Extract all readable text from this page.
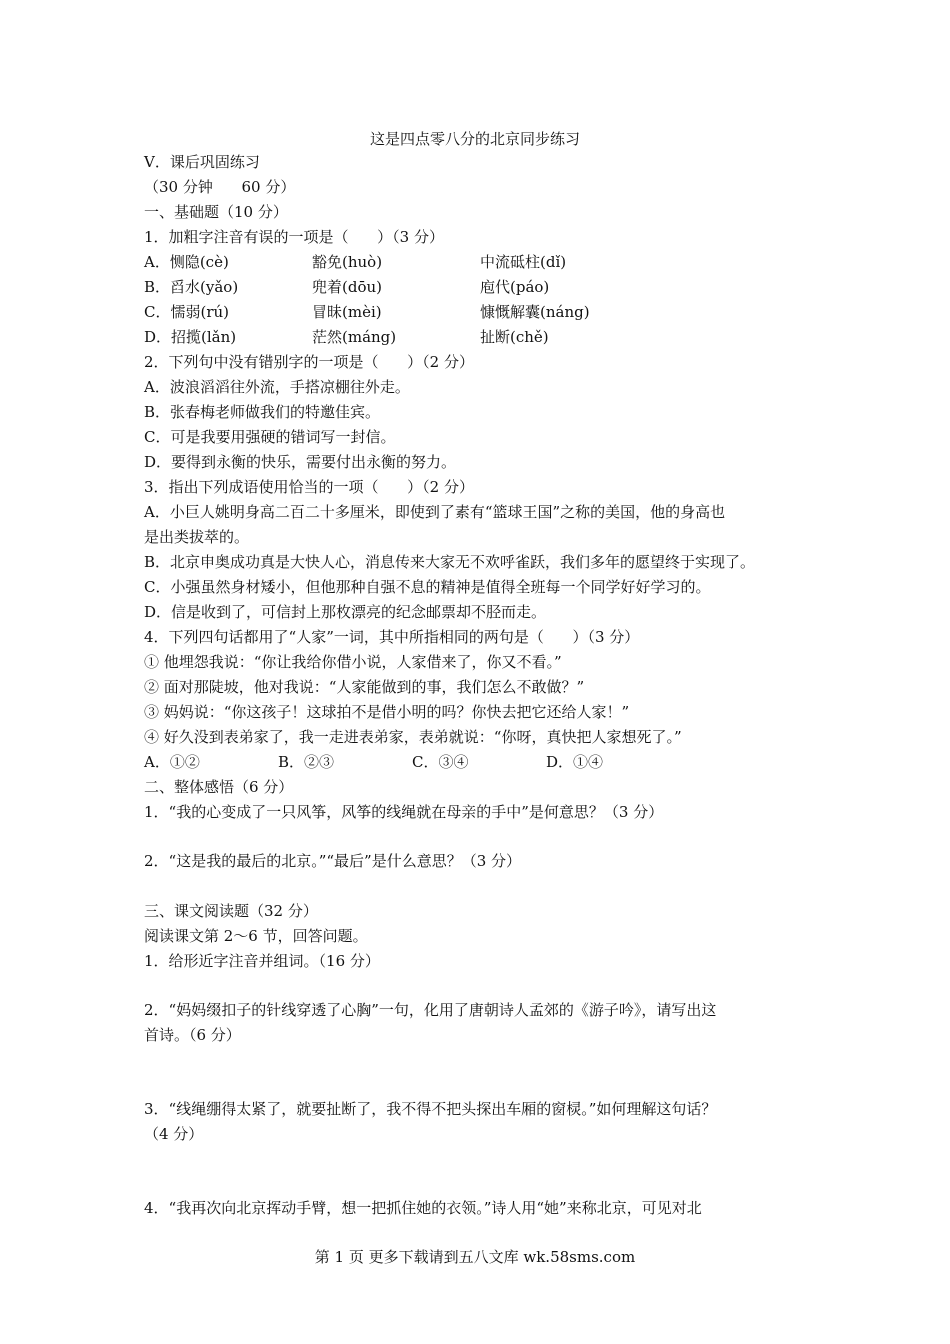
这是四点零八分的北京同步练习
V．课后巩固练习
（30 分钟      60 分）
一、基础题（10 分）
1．加粗字注音有误的一项是（      ）（3 分）
A．恻隐(cè)	豁免(huò)	中流砥柱(dǐ)
B．舀水(yǎo)	兜着(dōu)	庖代(páo)
C．懦弱(rú)	冒昧(mèi)	慷慨解囊(náng)
D．招揽(lǎn)	茫然(máng)	扯断(chě)
2．下列句中没有错别字的一项是（      ）（2 分）
A．波浪滔滔往外流，手搭凉棚往外走。
B．张春梅老师做我们的特邀佳宾。
C．可是我要用强硬的错词写一封信。
D．要得到永衡的快乐，需要付出永衡的努力。
3．指出下列成语使用恰当的一项（      ）（2 分）
A．小巨人姚明身高二百二十多厘米，即使到了素有“篮球王国”之称的美国，他的身高也
是出类拔萃的。
B．北京申奥成功真是大快人心，消息传来大家无不欢呼雀跃，我们多年的愿望终于实现了。
C．小强虽然身材矮小，但他那种自强不息的精神是值得全班每一个同学好好学习的。
D．信是收到了，可信封上那枚漂亮的纪念邮票却不胫而走。
4．下列四句话都用了“人家”一词，其中所指相同的两句是（      ）（3 分）
① 他埋怨我说：“你让我给你借小说，人家借来了，你又不看。”
② 面对那陡坡，他对我说：“人家能做到的事，我们怎么不敢做？”
③ 妈妈说：“你这孩子！这球拍不是借小明的吗？你快去把它还给人家！”
④ 好久没到表弟家了，我一走进表弟家，表弟就说：“你呀，真快把人家想死了。”
A．①②	B．②③	C．③④	D．①④
二、整体感悟（6 分）
1．“我的心变成了一只风筝，风筝的线绳就在母亲的手中”是何意思？（3 分）
2．“这是我的最后的北京。”“最后”是什么意思？（3 分）
三、课文阅读题（32 分）
阅读课文第 2～6 节，回答问题。
1．给形近字注音并组词。（16 分）
2．“妈妈缀扣子的针线穿透了心胸”一句，化用了唐朝诗人孟郊的《游子吟》，请写出这
首诗。（6 分）
3．“线绳绷得太紧了，就要扯断了，我不得不把头探出车厢的窗棂。”如何理解这句话？
（4 分）
4．“我再次向北京挥动手臂，想一把抓住她的衣领。”诗人用“她”来称北京，可见对北
第 1 页 更多下载请到五八文库 wk.58sms.com
